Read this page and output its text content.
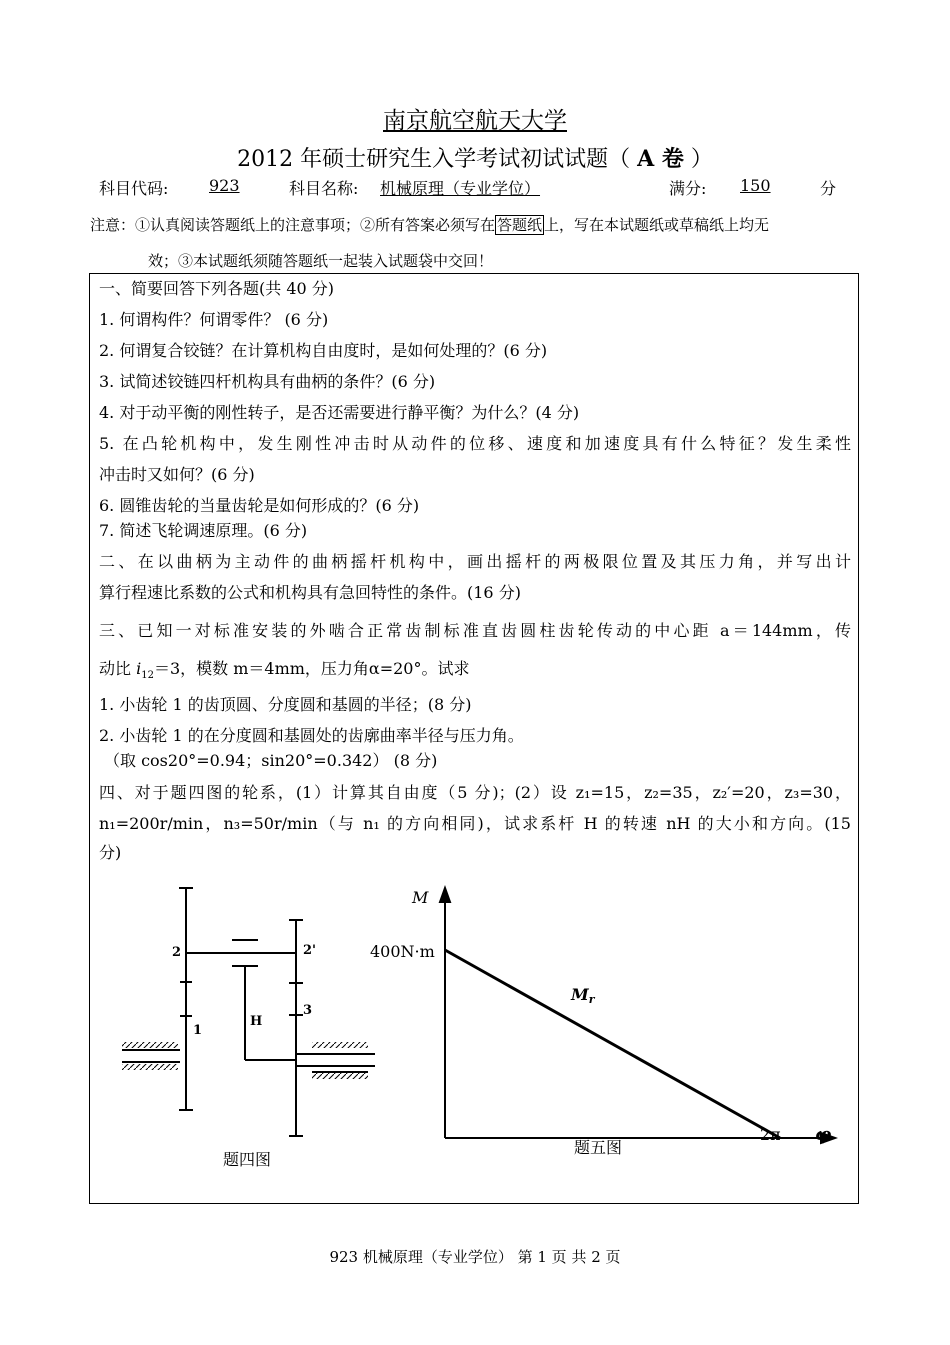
南京航空航天大学
2012 年硕士研究生入学考试初试试题（ A 卷 ）
科目代码:	923	科目名称: 机械原理（专业学位）	满分: 150	分
注意：①认真阅读答题纸上的注意事项；②所有答案必须写在 答题纸 上，写在本试题纸或草稿纸上均无
效；③本试题纸须随答题纸一起装入试题袋中交回！
一、简要回答下列各题(共 40 分)
1. 何谓构件？何谓零件？ (6 分)
2. 何谓复合铰链？在计算机构自由度时，是如何处理的？(6 分)
3. 试简述铰链四杆机构具有曲柄的条件？(6 分)
4. 对于动平衡的刚性转子，是否还需要进行静平衡？为什么？(4 分)
5. 在凸轮机构中，发生刚性冲击时从动件的位移、速度和加速度具有什么特征？发生柔性
冲击时又如何？(6 分)
6. 圆锥齿轮的当量齿轮是如何形成的？(6 分)
7. 简述飞轮调速原理。(6 分)
二、在以曲柄为主动件的曲柄摇杆机构中，画出摇杆的两极限位置及其压力角，并写出计
算行程速比系数的公式和机构具有急回特性的条件。(16 分)
三、已知一对标准安装的外啮合正常齿制标准直齿圆柱齿轮传动的中心距 a＝144mm，传
动比 $i_{12}=3$，模数 m＝4mm，压力角α=20°。试求
1. 小齿轮 1 的齿顶圆、分度圆和基圆的半径；(8 分)
2. 小齿轮 1 的在分度圆和基圆处的齿廓曲率半径与压力角。
（取 cos20°=0.94；sin20°=0.342） (8 分)
四、对于题四图的轮系，(1）计算其自由度（5 分)；(2）设 z₁=15，z₂=35，z₂′=20，z₃=30，
n₁=200r/min，n₃=50r/min（与 n₁ 的方向相同)，试求系杆 H 的转速 nH 的大小和方向。(15
分)
2	2'
1
3
H
题四图
M
400N·m
2π φ
Mr
题五图
923 机械原理（专业学位） 第 1 页 共 2 页
